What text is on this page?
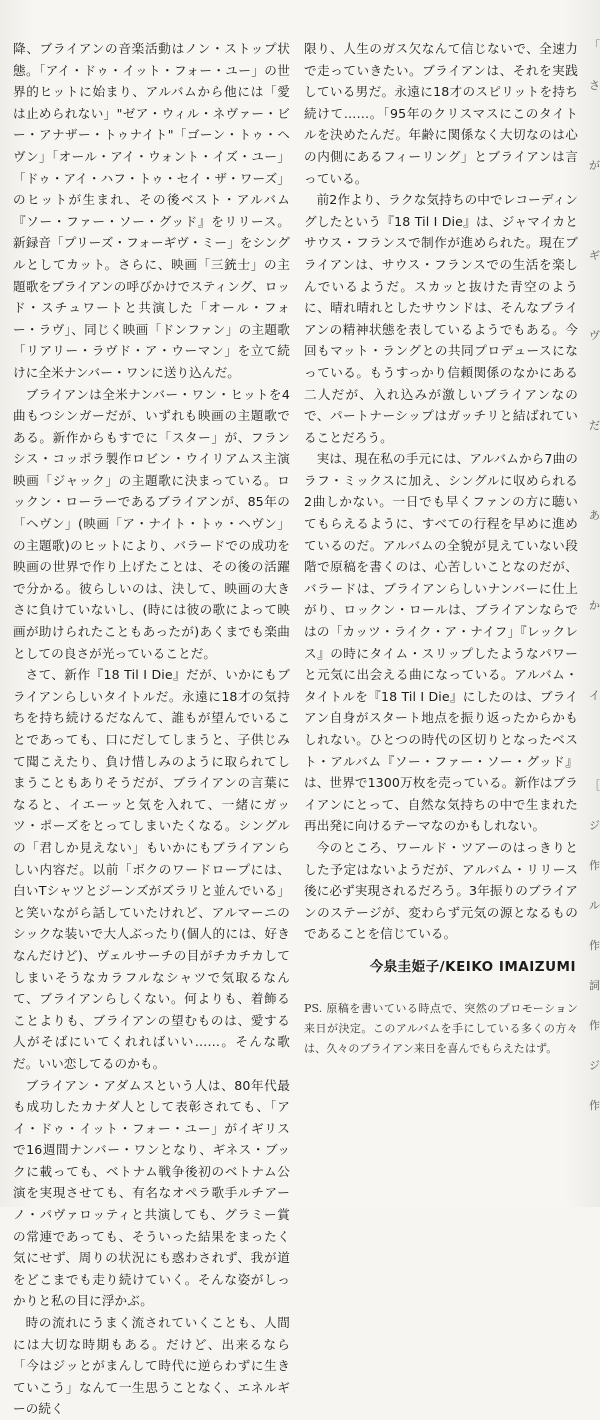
降、ブライアンの音楽活動はノン・ストップ状態。「アイ・ドゥ・イット・フォー・ユー」の世界的ヒットに始まり、アルバムから他には「愛は止められない」"ゼア・ウィル・ネヴァー・ビー・アナザー・トゥナイト"「ゴーン・トゥ・ヘヴン」「オール・アイ・ウォント・イズ・ユー」「ドゥ・アイ・ハフ・トゥ・セイ・ザ・ワーズ」のヒットが生まれ、その後ベスト・アルバム『ソー・ファー・ソー・グッド』をリリース。新録音「プリーズ・フォーギヴ・ミー」をシングルとしてカット。さらに、映画「三銃士」の主題歌をブライアンの呼びかけでスティング、ロッド・スチュワートと共演した「オール・フォー・ラヴ」、同じく映画「ドンファン」の主題歌「リアリー・ラヴド・ア・ウーマン」を立て続けに全米ナンバー・ワンに送り込んだ。

ブライアンは全米ナンバー・ワン・ヒットを4曲もつシンガーだが、いずれも映画の主題歌である。新作からもすでに「スター」が、フランシス・コッポラ製作ロビン・ウイリアムス主演映画「ジャック」の主題歌に決まっている。ロックン・ローラーであるブライアンが、85年の「ヘヴン」(映画「ア・ナイト・トゥ・ヘヴン」の主題歌)のヒットにより、バラードでの成功を映画の世界で作り上げたことは、その後の活躍で分かる。彼らしいのは、決して、映画の大きさに負けていないし、(時には彼の歌によって映画が助けられたこともあったが)あくまでも楽曲としての良さが光っていることだ。

さて、新作『18 Til I Die』だが、いかにもブライアンらしいタイトルだ。永遠に18才の気持ちを持ち続けるだなんて、誰もが望んでいることであっても、口にだしてしまうと、子供じみて聞こえたり、負け惜しみのように取られてしまうこともありそうだが、ブライアンの言葉になると、イエーッと気を入れて、一緒にガッツ・ポーズをとってしまいたくなる。シングルの「君しか見えない」もいかにもブライアンらしい内容だ。以前「ボクのワードロープには、白いTシャツとジーンズがズラリと並んでいる」と笑いながら話していたけれど、アルマーニのシックな装いで大人ぶったり(個人的には、好きなんだけど)、ヴェルサーチの目がチカチカしてしまいそうなカラフルなシャツで気取るなんて、ブライアンらしくない。何よりも、着飾ることよりも、ブライアンの望むものは、愛する人がそばにいてくれればいい……。そんな歌だ。いい恋してるのかも。

ブライアン・アダムスという人は、80年代最も成功したカナダ人として表彰されても、「アイ・ドゥ・イット・フォー・ユー」がイギリスで16週間ナンバー・ワンとなり、ギネス・ブックに載っても、ベトナム戦争後初のベトナム公演を実現させても、有名なオペラ歌手ルチアーノ・パヴァロッティと共演しても、グラミー賞の常連であっても、そういった結果をまったく気にせず、周りの状況にも惑わされず、我が道をどこまでも走り続けていく。そんな姿がしっかりと私の目に浮かぶ。

時の流れにうまく流されていくことも、人間には大切な時期もある。だけど、出来るなら「今はジッとがまんして時代に逆らわずに生きていこう」なんて一生思うことなく、エネルギーの続く

限り、人生のガス欠なんて信じないで、全速力で走っていきたい。ブライアンは、それを実践している男だ。永遠に18才のスピリットを持ち続けて……。「95年のクリスマスにこのタイトルを決めたんだ。年齢に関係なく大切なのは心の内側にあるフィーリング」とブライアンは言っている。

前2作より、ラクな気持ちの中でレコーディングしたという『18 Til I Die』は、ジャマイカとサウス・フランスで制作が進められた。現在ブライアンは、サウス・フランスでの生活を楽しんでいるようだ。スカッと抜けた青空のように、晴れ晴れとしたサウンドは、そんなブライアンの精神状態を表しているようでもある。今回もマット・ラングとの共同プロデュースになっている。もうすっかり信頼関係のなかにある二人だが、入れ込みが激しいブライアンなので、パートナーシップはガッチリと結ばれていることだろう。

実は、現在私の手元には、アルバムから7曲のラフ・ミックスに加え、シングルに収められる2曲しかない。一日でも早くファンの方に聴いてもらえるように、すべての行程を早めに進めているのだ。アルバムの全貌が見えていない段階で原稿を書くのは、心苦しいことなのだが、バラードは、ブライアンらしいナンバーに仕上がり、ロックン・ロールは、ブライアンならではの「カッツ・ライク・ア・ナイフ」『レックレス』の時にタイム・スリップしたようなパワーと元気に出会える曲になっている。アルバム・タイトルを『18 Til I Die』にしたのは、ブライアン自身がスタート地点を振り返ったからかもしれない。ひとつの時代の区切りとなったベスト・アルバム『ソー・ファー・ソー・グッド』は、世界で1300万枚を売っている。新作はブライアンにとって、自然な気持ちの中で生まれた再出発に向けるテーマなのかもしれない。

今のところ、ワールド・ツアーのはっきりとした予定はないようだが、アルバム・リリース後に必ず実現されるだろう。3年振りのブライアンのステージが、変わらず元気の源となるものであることを信じている。

今泉圭姫子/KEIKO IMAIZUMI

PS. 原稿を書いている時点で、突然のプロモーション来日が決定。このアルバムを手にしている多くの方々は、久々のブライアン来日を喜んでもらえたはず。

「
さ
が
ギ
ヴ
だ
あ
か
イ
［
ジ
作
ル
作
詞
作
ジ
作
